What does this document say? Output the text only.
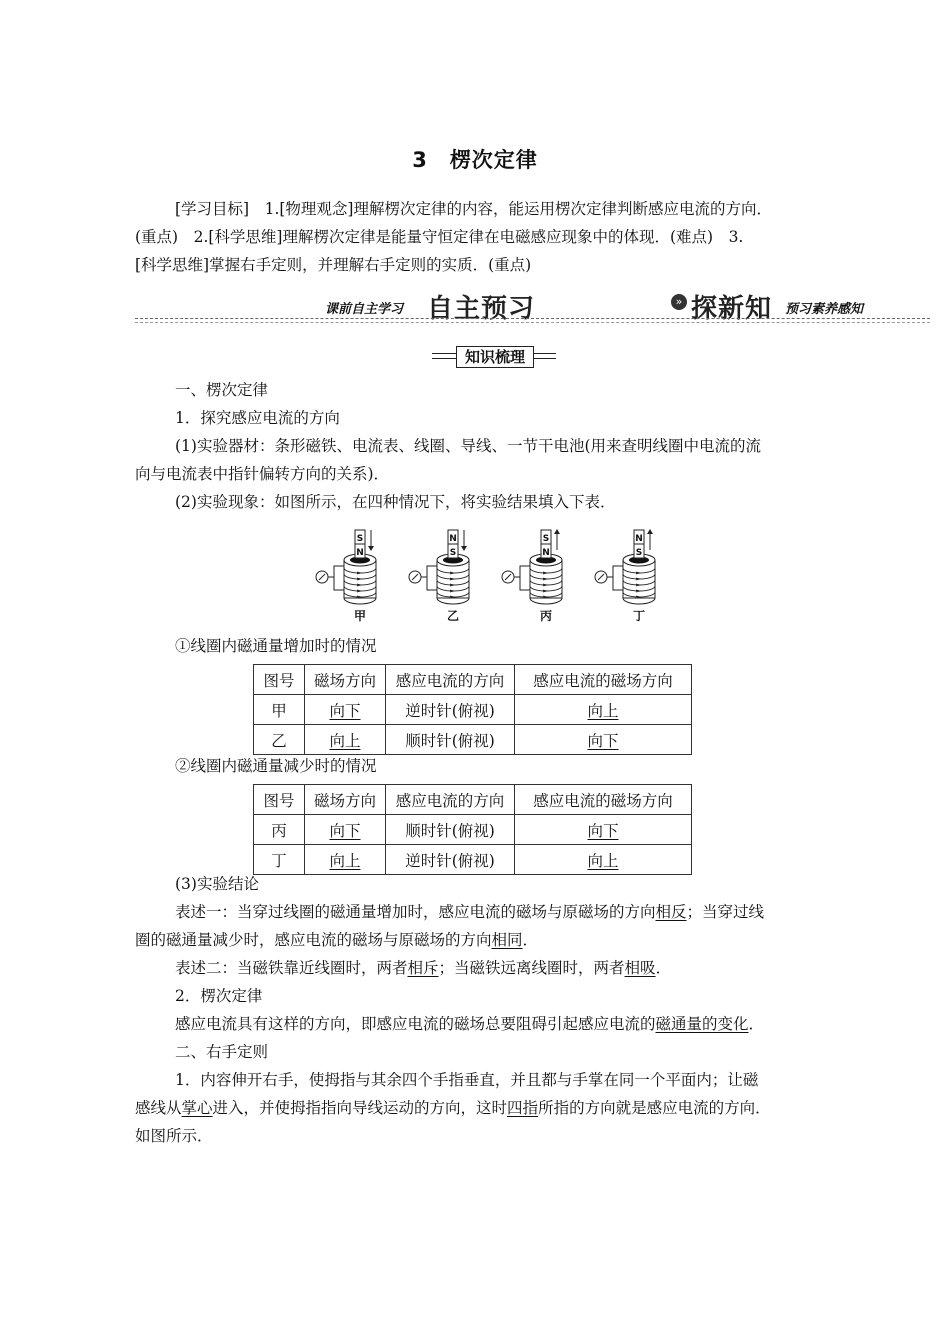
3 楞次定律
[学习目标]　1.[物理观念]理解楞次定律的内容，能运用楞次定律判断感应电流的方向．
(重点)　2.[科学思维]理解楞次定律是能量守恒定律在电磁感应现象中的体现．(难点)　3.
[科学思维]掌握右手定则，并理解右手定则的实质．(重点)
课前自主学习 自主预习	» 探新知 预习素养感知
知识梳理
一、楞次定律
1．探究感应电流的方向
(1)实验器材：条形磁铁、电流表、线圈、导线、一节干电池(用来查明线圈中电流的流
向与电流表中指针偏转方向的关系)．
(2)实验现象：如图所示，在四种情况下，将实验结果填入下表．
S
N
甲
N
S
乙
S
N
丙
N
S
丁
①线圈内磁通量增加时的情况
图号	磁场方向	感应电流的方向	感应电流的磁场方向
甲	向下	逆时针(俯视)	向上
乙	向上	顺时针(俯视)	向下
②线圈内磁通量减少时的情况
图号	磁场方向	感应电流的方向	感应电流的磁场方向
丙	向下	顺时针(俯视)	向下
丁	向上	逆时针(俯视)	向上
(3)实验结论
表述一：当穿过线圈的磁通量增加时，感应电流的磁场与原磁场的方向相反；当穿过线
圈的磁通量减少时，感应电流的磁场与原磁场的方向相同．
表述二：当磁铁靠近线圈时，两者相斥；当磁铁远离线圈时，两者相吸．
2．楞次定律
感应电流具有这样的方向，即感应电流的磁场总要阻碍引起感应电流的磁通量的变化．
二、右手定则
1．内容伸开右手，使拇指与其余四个手指垂直，并且都与手掌在同一个平面内；让磁
感线从掌心进入，并使拇指指向导线运动的方向，这时四指所指的方向就是感应电流的方向．
如图所示．
